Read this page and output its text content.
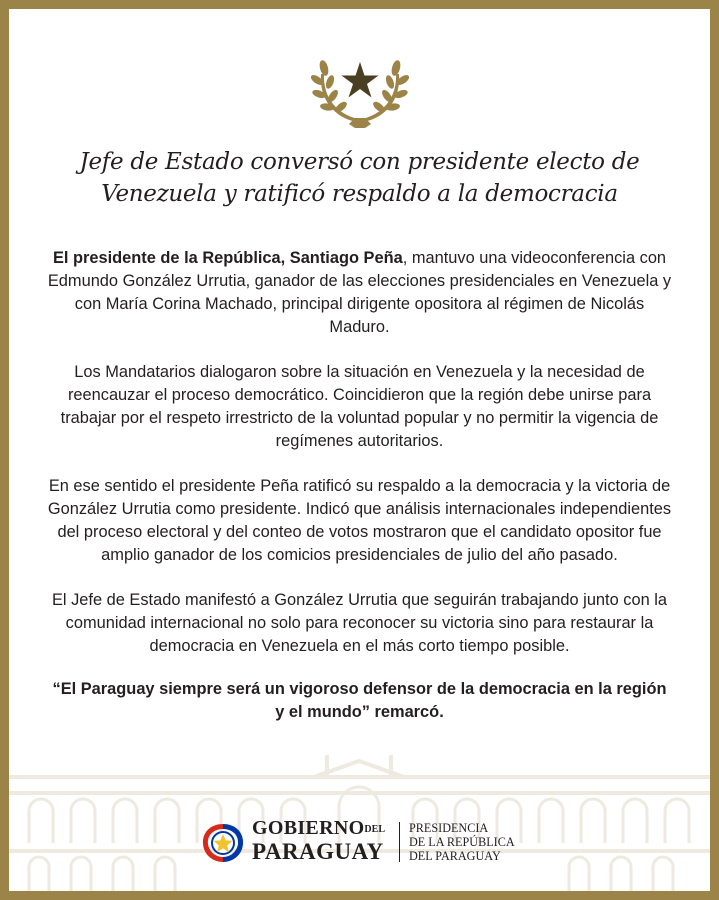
Jefe de Estado conversó con presidente electo de
Venezuela y ratificó respaldo a la democracia

El presidente de la República, Santiago Peña, mantuvo una videoconferencia con Edmundo González Urrutia, ganador de las elecciones presidenciales en Venezuela y con María Corina Machado, principal dirigente opositora al régimen de Nicolás Maduro.

Los Mandatarios dialogaron sobre la situación en Venezuela y la necesidad de reencauzar el proceso democrático. Coincidieron que la región debe unirse para trabajar por el respeto irrestricto de la voluntad popular y no permitir la vigencia de regímenes autoritarios.

En ese sentido el presidente Peña ratificó su respaldo a la democracia y la victoria de González Urrutia como presidente. Indicó que análisis internacionales independientes del proceso electoral y del conteo de votos mostraron que el candidato opositor fue amplio ganador de los comicios presidenciales de julio del año pasado.

El Jefe de Estado manifestó a González Urrutia que seguirán trabajando junto con la comunidad internacional no solo para reconocer su victoria sino para restaurar la democracia en Venezuela en el más corto tiempo posible.

“El Paraguay siempre será un vigoroso defensor de la democracia en la región y el mundo” remarcó.

GOBIERNODEL
PARAGUAY
PRESIDENCIA
DE LA REPÚBLICA
DEL PARAGUAY
